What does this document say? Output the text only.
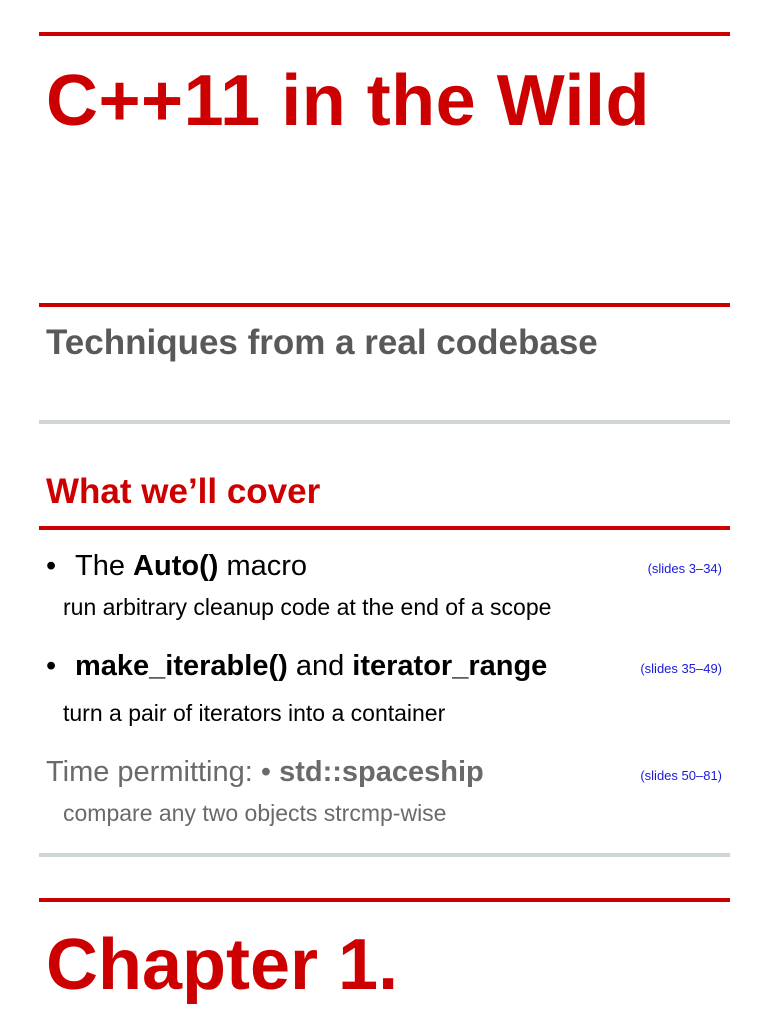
C++11 in the Wild
Techniques from a real codebase
What we’ll cover
• The Auto() macro	(slides 3–34)
run arbitrary cleanup code at the end of a scope
• make_iterable() and iterator_range	(slides 35–49)
turn a pair of iterators into a container
Time permitting: • std::spaceship	(slides 50–81)
compare any two objects strcmp-wise
Chapter 1.
